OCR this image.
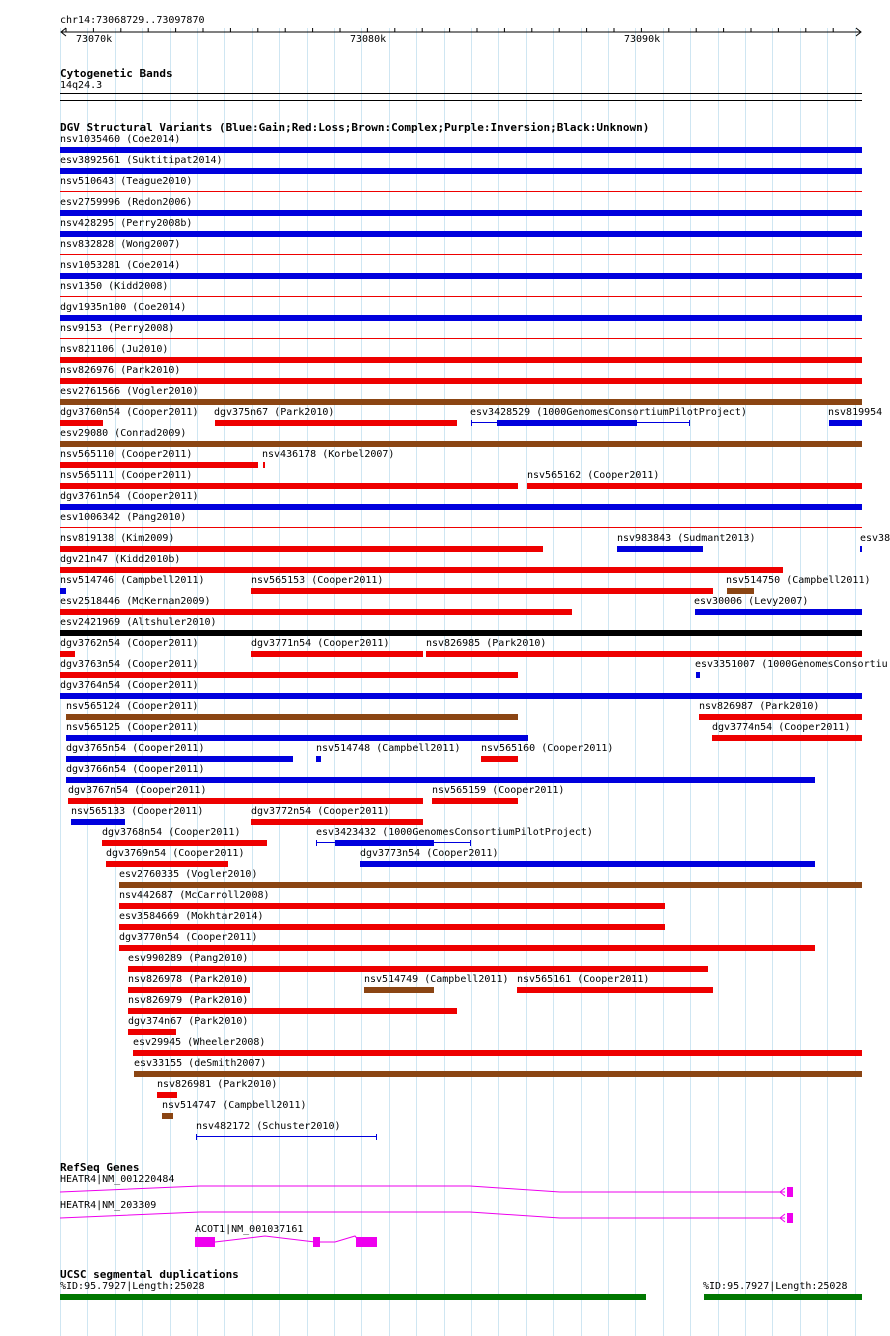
chr14:73068729..73097870
73070k	73080k	73090k
Cytogenetic Bands
14q24.3
DGV Structural Variants (Blue:Gain;Red:Loss;Brown:Complex;Purple:Inversion;Black:Unknown)
nsv1035460 (Coe2014)
esv3892561 (Suktitipat2014)
nsv510643 (Teague2010)
esv2759996 (Redon2006)
nsv428295 (Perry2008b)
nsv832828 (Wong2007)
nsv1053281 (Coe2014)
nsv1350 (Kidd2008)
dgv1935n100 (Coe2014)
nsv9153 (Perry2008)
nsv821106 (Ju2010)
nsv826976 (Park2010)
esv2761566 (Vogler2010)
dgv3760n54 (Cooper2011) dgv375n67 (Park2010)	esv3428529 (1000GenomesConsortiumPilotProject)	nsv819954
esv29080 (Conrad2009)
nsv565110 (Cooper2011)	nsv436178 (Korbel2007)
nsv565111 (Cooper2011)	nsv565162 (Cooper2011)
dgv3761n54 (Cooper2011)
esv1006342 (Pang2010)
nsv819138 (Kim2009)	nsv983843 (Sudmant2013)	esv38
dgv21n47 (Kidd2010b)
nsv514746 (Campbell2011)	nsv565153 (Cooper2011)	nsv514750 (Campbell2011)
esv2518446 (McKernan2009)	esv30006 (Levy2007)
esv2421969 (Altshuler2010)
dgv3762n54 (Cooper2011)	dgv3771n54 (Cooper2011)	nsv826985 (Park2010)
dgv3763n54 (Cooper2011)	esv3351007 (1000GenomesConsortiu
dgv3764n54 (Cooper2011)
nsv565124 (Cooper2011)	nsv826987 (Park2010)
nsv565125 (Cooper2011)	dgv3774n54 (Cooper2011)
dgv3765n54 (Cooper2011)	nsv514748 (Campbell2011) nsv565160 (Cooper2011)
dgv3766n54 (Cooper2011)
dgv3767n54 (Cooper2011)	nsv565159 (Cooper2011)
nsv565133 (Cooper2011)	dgv3772n54 (Cooper2011)
dgv3768n54 (Cooper2011)	esv3423432 (1000GenomesConsortiumPilotProject)
dgv3769n54 (Cooper2011)	dgv3773n54 (Cooper2011)
esv2760335 (Vogler2010)
nsv442687 (McCarroll2008)
esv3584669 (Mokhtar2014)
dgv3770n54 (Cooper2011)
esv990289 (Pang2010)
nsv826978 (Park2010)	nsv514749 (Campbell2011) nsv565161 (Cooper2011)
nsv826979 (Park2010)
dgv374n67 (Park2010)
esv29945 (Wheeler2008)
esv33155 (deSmith2007)
nsv826981 (Park2010)
nsv514747 (Campbell2011)
nsv482172 (Schuster2010)
RefSeq Genes
HEATR4|NM_001220484
HEATR4|NM_203309
ACOT1|NM_001037161
UCSC segmental duplications
%ID:95.7927|Length:25028	%ID:95.7927|Length:25028
